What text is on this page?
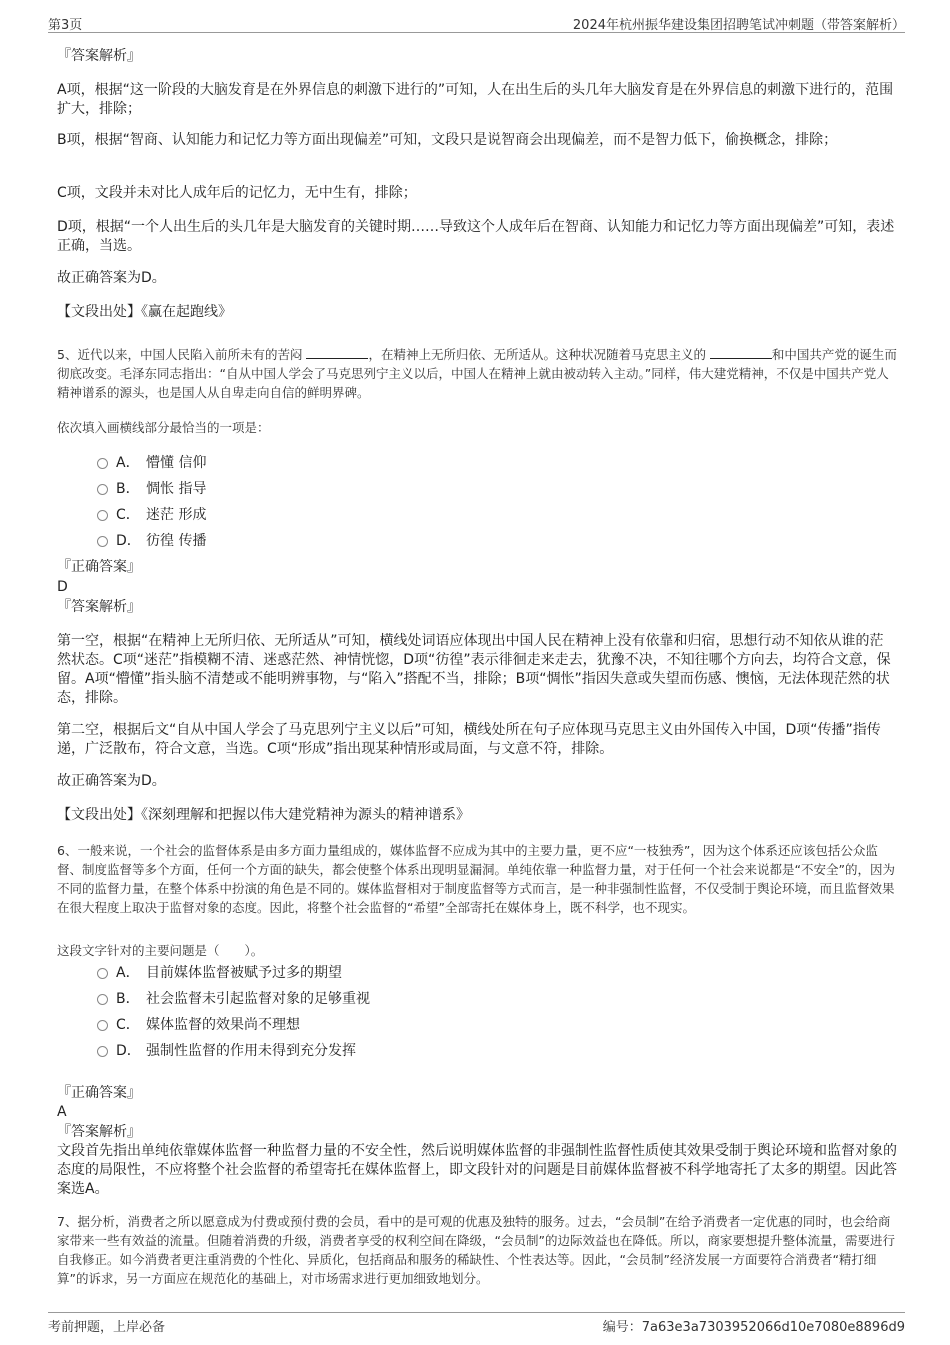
第3页	2024年杭州振华建设集团招聘笔试冲刺题（带答案解析）

『答案解析』

A项，根据“这一阶段的大脑发育是在外界信息的刺激下进行的”可知，人在出生后的头几年大脑发育是在外界信息的刺激下进行的，范围扩大，排除；

B项，根据“智商、认知能力和记忆力等方面出现偏差”可知，文段只是说智商会出现偏差，而不是智力低下，偷换概念，排除；

C项，文段并未对比人成年后的记忆力，无中生有，排除；

D项，根据“一个人出生后的头几年是大脑发育的关键时期……导致这个人成年后在智商、认知能力和记忆力等方面出现偏差”可知，表述正确，当选。

故正确答案为D。

【文段出处】《赢在起跑线》

5、近代以来，中国人民陷入前所未有的苦闷	，在精神上无所归依、无所适从。这种状况随着马克思主义的	和中国共产党的诞生而彻底改变。毛泽东同志指出：“自从中国人学会了马克思列宁主义以后，中国人在精神上就由被动转入主动。”同样，伟大建党精神，不仅是中国共产党人精神谱系的源头，也是国人从自卑走向自信的鲜明界碑。

依次填入画横线部分最恰当的一项是：

A． 懵懂 信仰
B． 惆怅 指导
C． 迷茫 形成
D． 彷徨 传播

『正确答案』

D

『答案解析』

第一空，根据“在精神上无所归依、无所适从”可知，横线处词语应体现出中国人民在精神上没有依靠和归宿，思想行动不知依从谁的茫然状态。C项“迷茫”指模糊不清、迷惑茫然、神情恍惚，D项“彷徨”表示徘徊走来走去，犹豫不决，不知往哪个方向去，均符合文意，保留。A项“懵懂”指头脑不清楚或不能明辨事物，与“陷入”搭配不当，排除；B项“惆怅”指因失意或失望而伤感、懊恼，无法体现茫然的状态，排除。

第二空，根据后文“自从中国人学会了马克思列宁主义以后”可知，横线处所在句子应体现马克思主义由外国传入中国，D项“传播”指传递，广泛散布，符合文意，当选。C项“形成”指出现某种情形或局面，与文意不符，排除。

故正确答案为D。

【文段出处】《深刻理解和把握以伟大建党精神为源头的精神谱系》

6、一般来说，一个社会的监督体系是由多方面力量组成的，媒体监督不应成为其中的主要力量，更不应“一枝独秀”，因为这个体系还应该包括公众监督、制度监督等多个方面，任何一个方面的缺失，都会使整个体系出现明显漏洞。单纯依靠一种监督力量，对于任何一个社会来说都是“不安全”的，因为不同的监督力量，在整个体系中扮演的角色是不同的。媒体监督相对于制度监督等方式而言，是一种非强制性监督，不仅受制于舆论环境，而且监督效果在很大程度上取决于监督对象的态度。因此，将整个社会监督的“希望”全部寄托在媒体身上，既不科学，也不现实。

这段文字针对的主要问题是（　　）。

A． 目前媒体监督被赋予过多的期望
B． 社会监督未引起监督对象的足够重视
C． 媒体监督的效果尚不理想
D． 强制性监督的作用未得到充分发挥

『正确答案』

A

『答案解析』

文段首先指出单纯依靠媒体监督一种监督力量的不安全性，然后说明媒体监督的非强制性监督性质使其效果受制于舆论环境和监督对象的态度的局限性，不应将整个社会监督的希望寄托在媒体监督上，即文段针对的问题是目前媒体监督被不科学地寄托了太多的期望。因此答案选A。

7、据分析，消费者之所以愿意成为付费或预付费的会员，看中的是可观的优惠及独特的服务。过去，“会员制”在给予消费者一定优惠的同时，也会给商家带来一些有效益的流量。但随着消费的升级，消费者享受的权利空间在降级，“会员制”的边际效益也在降低。所以，商家要想提升整体流量，需要进行自我修正。如今消费者更注重消费的个性化、异质化，包括商品和服务的稀缺性、个性表达等。因此，“会员制”经济发展一方面要符合消费者“精打细算”的诉求，另一方面应在规范化的基础上，对市场需求进行更加细致地划分。

考前押题，上岸必备	编号：7a63e3a7303952066d10e7080e8896d9
